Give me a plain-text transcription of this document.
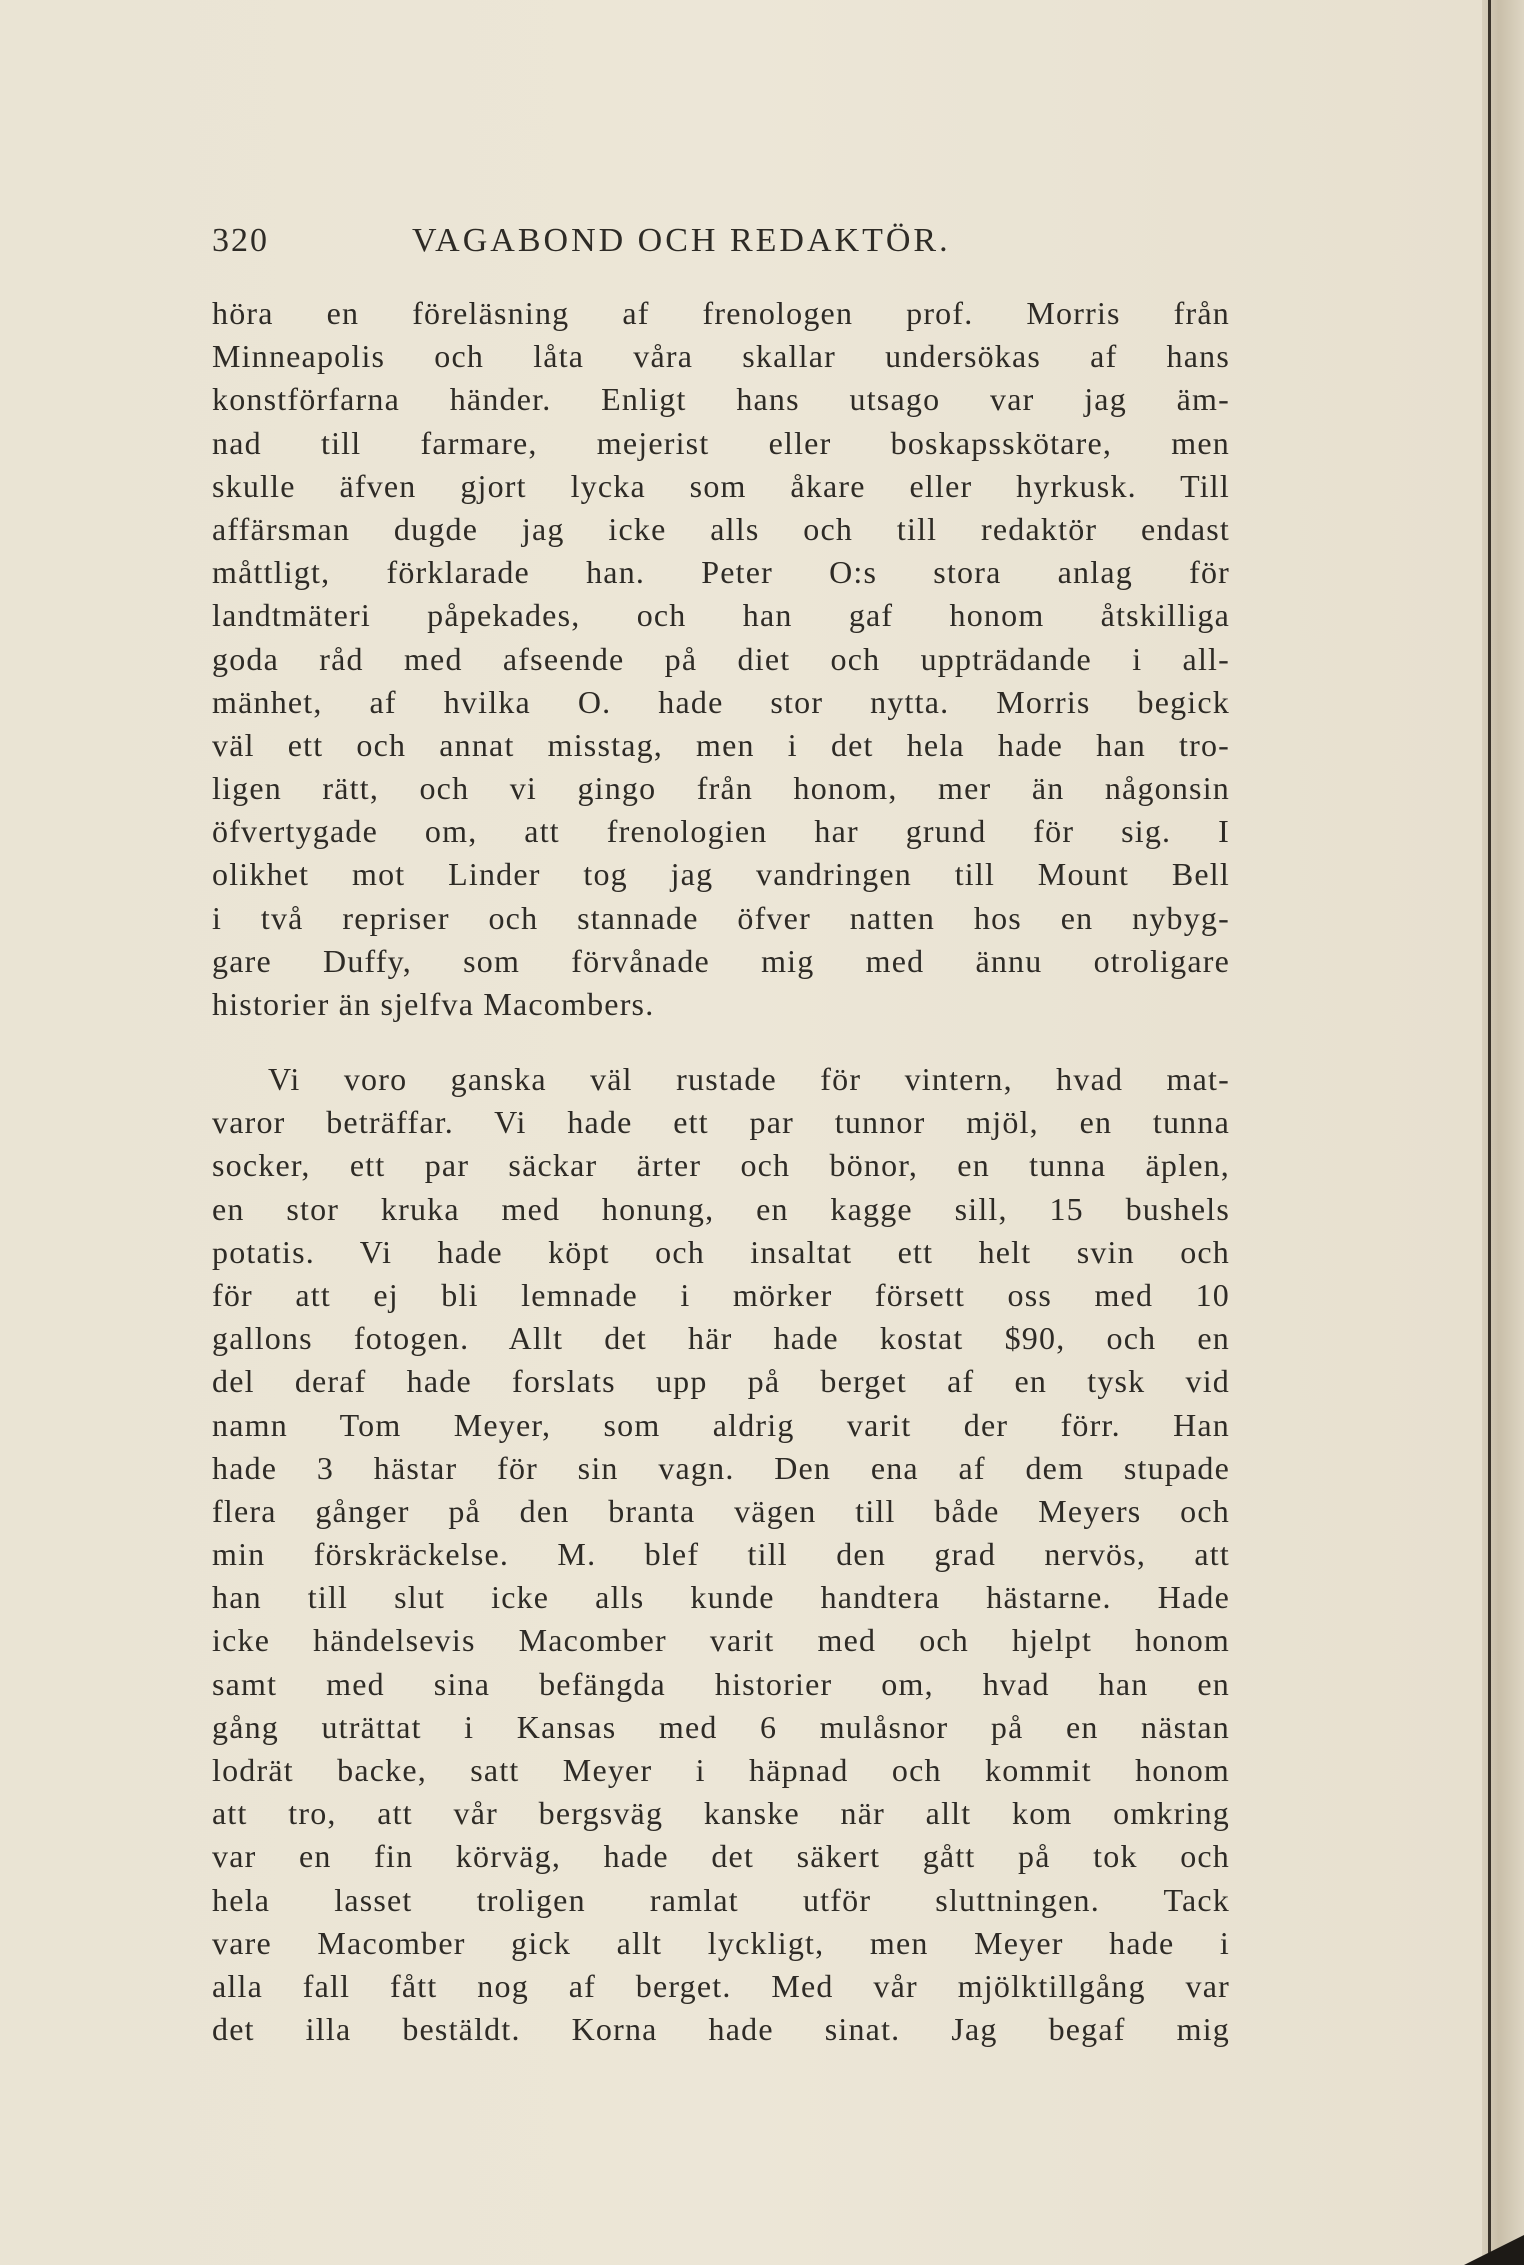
320	VAGABOND OCH REDAKTÖR.
höra en föreläsning af frenologen prof. Morris från
Minneapolis och låta våra skallar undersökas af hans
konstförfarna händer. Enligt hans utsago var jag äm-
nad till farmare, mejerist eller boskapsskötare, men
skulle äfven gjort lycka som åkare eller hyrkusk. Till
affärsman dugde jag icke alls och till redaktör endast
måttligt, förklarade han. Peter O:s stora anlag för
landtmäteri påpekades, och han gaf honom åtskilliga
goda råd med afseende på diet och uppträdande i all-
mänhet, af hvilka O. hade stor nytta. Morris begick
väl ett och annat misstag, men i det hela hade han tro-
ligen rätt, och vi gingo från honom, mer än någonsin
öfvertygade om, att frenologien har grund för sig. I
olikhet mot Linder tog jag vandringen till Mount Bell
i två repriser och stannade öfver natten hos en nybyg-
gare Duffy, som förvånade mig med ännu otroligare
historier än sjelfva Macombers.
Vi voro ganska väl rustade för vintern, hvad mat-
varor beträffar. Vi hade ett par tunnor mjöl, en tunna
socker, ett par säckar ärter och bönor, en tunna äplen,
en stor kruka med honung, en kagge sill, 15 bushels
potatis. Vi hade köpt och insaltat ett helt svin och
för att ej bli lemnade i mörker försett oss med 10
gallons fotogen. Allt det här hade kostat $90, och en
del deraf hade forslats upp på berget af en tysk vid
namn Tom Meyer, som aldrig varit der förr. Han
hade 3 hästar för sin vagn. Den ena af dem stupade
flera gånger på den branta vägen till både Meyers och
min förskräckelse. M. blef till den grad nervös, att
han till slut icke alls kunde handtera hästarne. Hade
icke händelsevis Macomber varit med och hjelpt honom
samt med sina befängda historier om, hvad han en
gång uträttat i Kansas med 6 mulåsnor på en nästan
lodrät backe, satt Meyer i häpnad och kommit honom
att tro, att vår bergsväg kanske när allt kom omkring
var en fin körväg, hade det säkert gått på tok och
hela lasset troligen ramlat utför sluttningen. Tack
vare Macomber gick allt lyckligt, men Meyer hade i
alla fall fått nog af berget. Med vår mjölktillgång var
det illa bestäldt. Korna hade sinat. Jag begaf mig
